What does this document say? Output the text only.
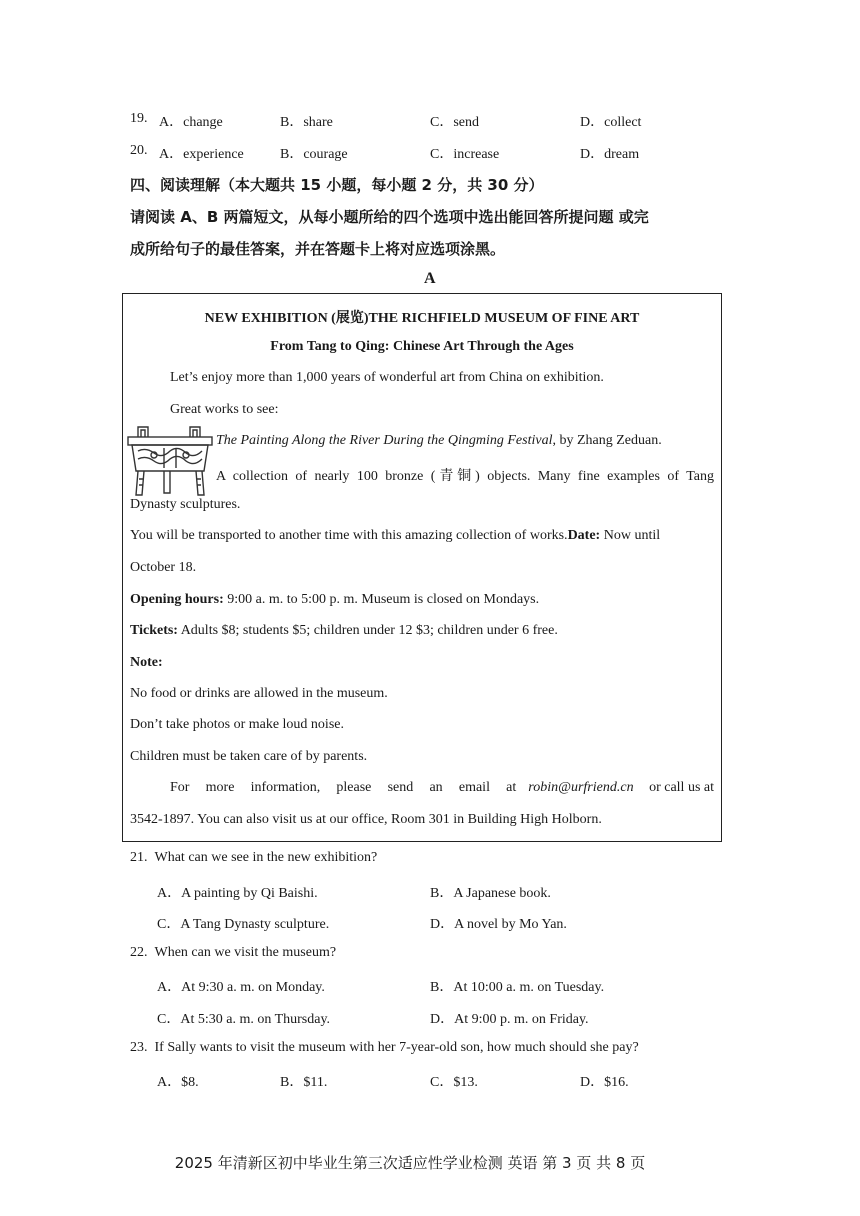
19. A．change	B．share	C．send	D．collect
20. A．experience	B．courage	C．increase	D．dream
四、阅读理解（本大题共 15 小题，每小题 2 分，共 30 分）
请阅读 A、B 两篇短文，从每小题所给的四个选项中选出能回答所提问题 或完
成所给句子的最佳答案，并在答题卡上将对应选项涂黑。
A
NEW EXHIBITION (展览)THE RICHFIELD MUSEUM OF FINE ART
From Tang to Qing: Chinese Art Through the Ages
Let’s enjoy more than 1,000 years of wonderful art from China on exhibition.
Great works to see:
The Painting Along the River During the Qingming Festival, by Zhang Zeduan.
A collection of nearly 100 bronze (青铜) objects. Many fine examples of Tang
Dynasty sculptures.
You will be transported to another time with this amazing collection of works.Date: Now until
October 18.
Opening hours: 9:00 a. m. to 5:00 p. m. Museum is closed on Mondays.
Tickets: Adults $8; students $5; children under 12 $3; children under 6 free.
Note:
No food or drinks are allowed in the museum.
Don’t take photos or make loud noise.
Children must be taken care of by parents.
For more information, please send an email at robin@urfriend.cn or call us at
3542-1897. You can also visit us at our office, Room 301 in Building High Holborn.
21. What can we see in the new exhibition?
A．A painting by Qi Baishi.	B．A Japanese book.
C．A Tang Dynasty sculpture.	D．A novel by Mo Yan.
22. When can we visit the museum?
A．At 9:30 a. m. on Monday.	B．At 10:00 a. m. on Tuesday.
C．At 5:30 a. m. on Thursday.	D．At 9:00 p. m. on Friday.
23. If Sally wants to visit the museum with her 7-year-old son, how much should she pay?
A．$8.	B．$11.	C．$13.	D．$16.
2025 年清新区初中毕业生第三次适应性学业检测 英语 第 3 页 共 8 页
